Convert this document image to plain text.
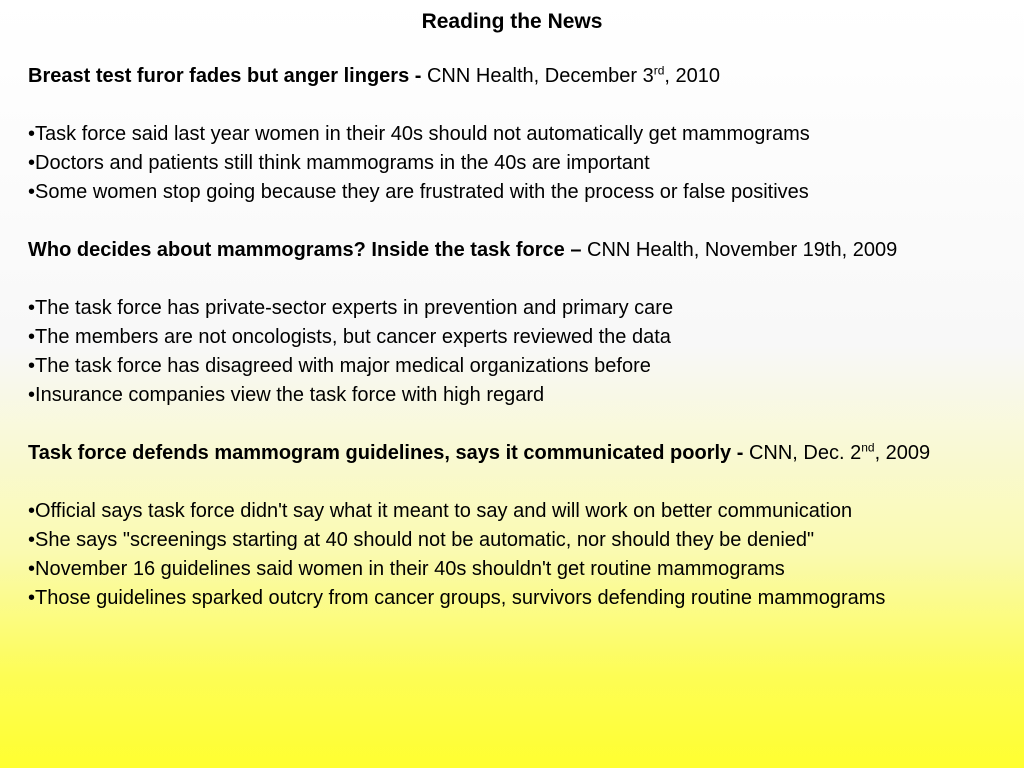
Reading the News

Breast test furor fades but anger lingers - CNN Health, December 3rd, 2010

• Task force said last year women in their 40s should not automatically get mammograms
• Doctors and patients still think mammograms in the 40s are important
• Some women stop going because they are frustrated with the process or false positives

Who decides about mammograms? Inside the task force – CNN Health, November 19th, 2009

• The task force has private-sector experts in prevention and primary care
• The members are not oncologists, but cancer experts reviewed the data
• The task force has disagreed with major medical organizations before
• Insurance companies view the task force with high regard

Task force defends mammogram guidelines, says it communicated poorly - CNN, Dec. 2nd, 2009

• Official says task force didn't say what it meant to say and will work on better communication
• She says "screenings starting at 40 should not be automatic, nor should they be denied"
• November 16 guidelines said women in their 40s shouldn't get routine mammograms
• Those guidelines sparked outcry from cancer groups, survivors defending routine mammograms
